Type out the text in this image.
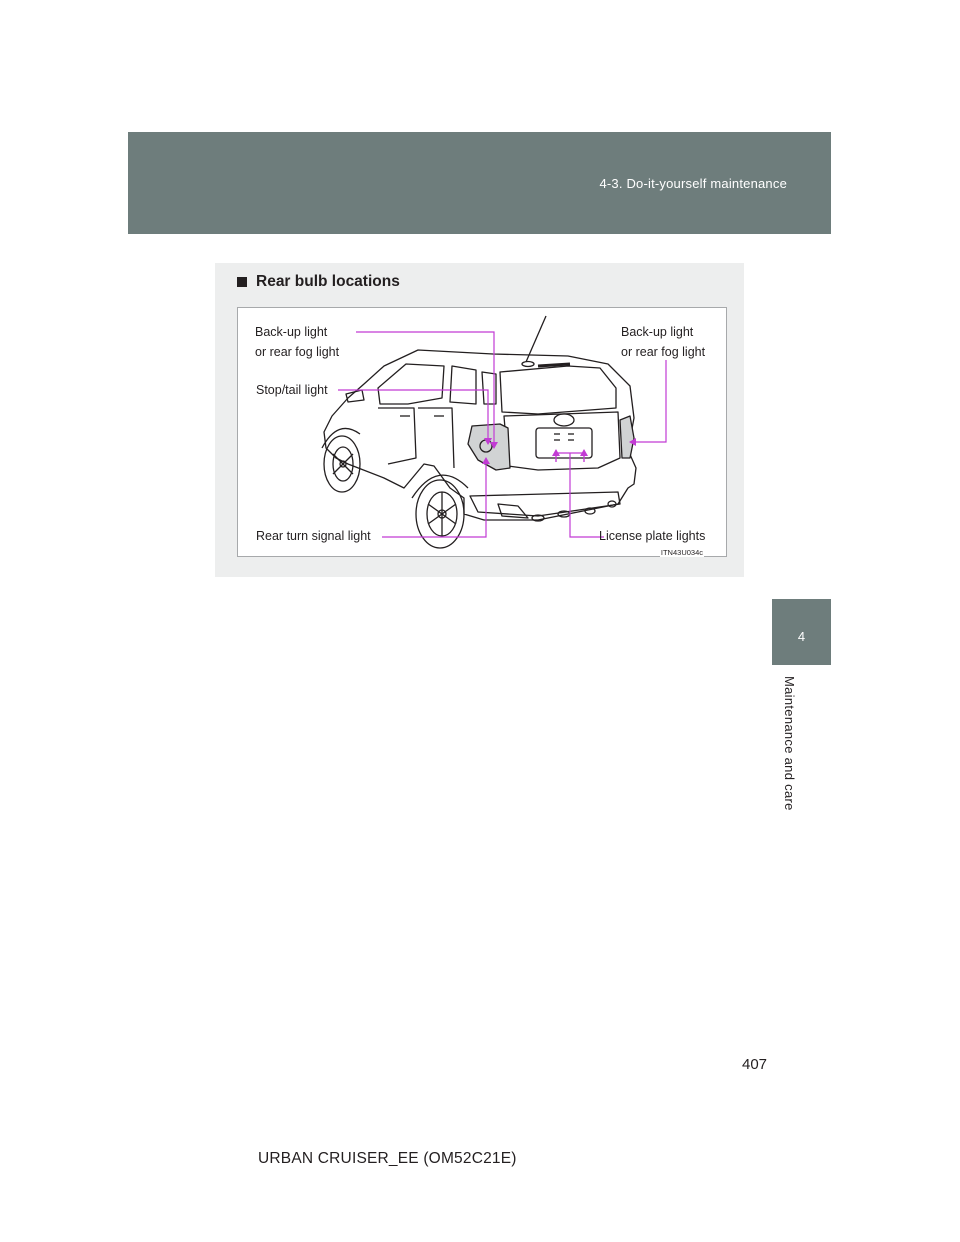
4-3. Do-it-yourself maintenance
4
Maintenance and care
Rear bulb locations
Back-up light
or rear fog light
Back-up light
or rear fog light
Stop/tail light
Rear turn signal light	License plate lights
ITN43U034c
407
URBAN CRUISER_EE (OM52C21E)
